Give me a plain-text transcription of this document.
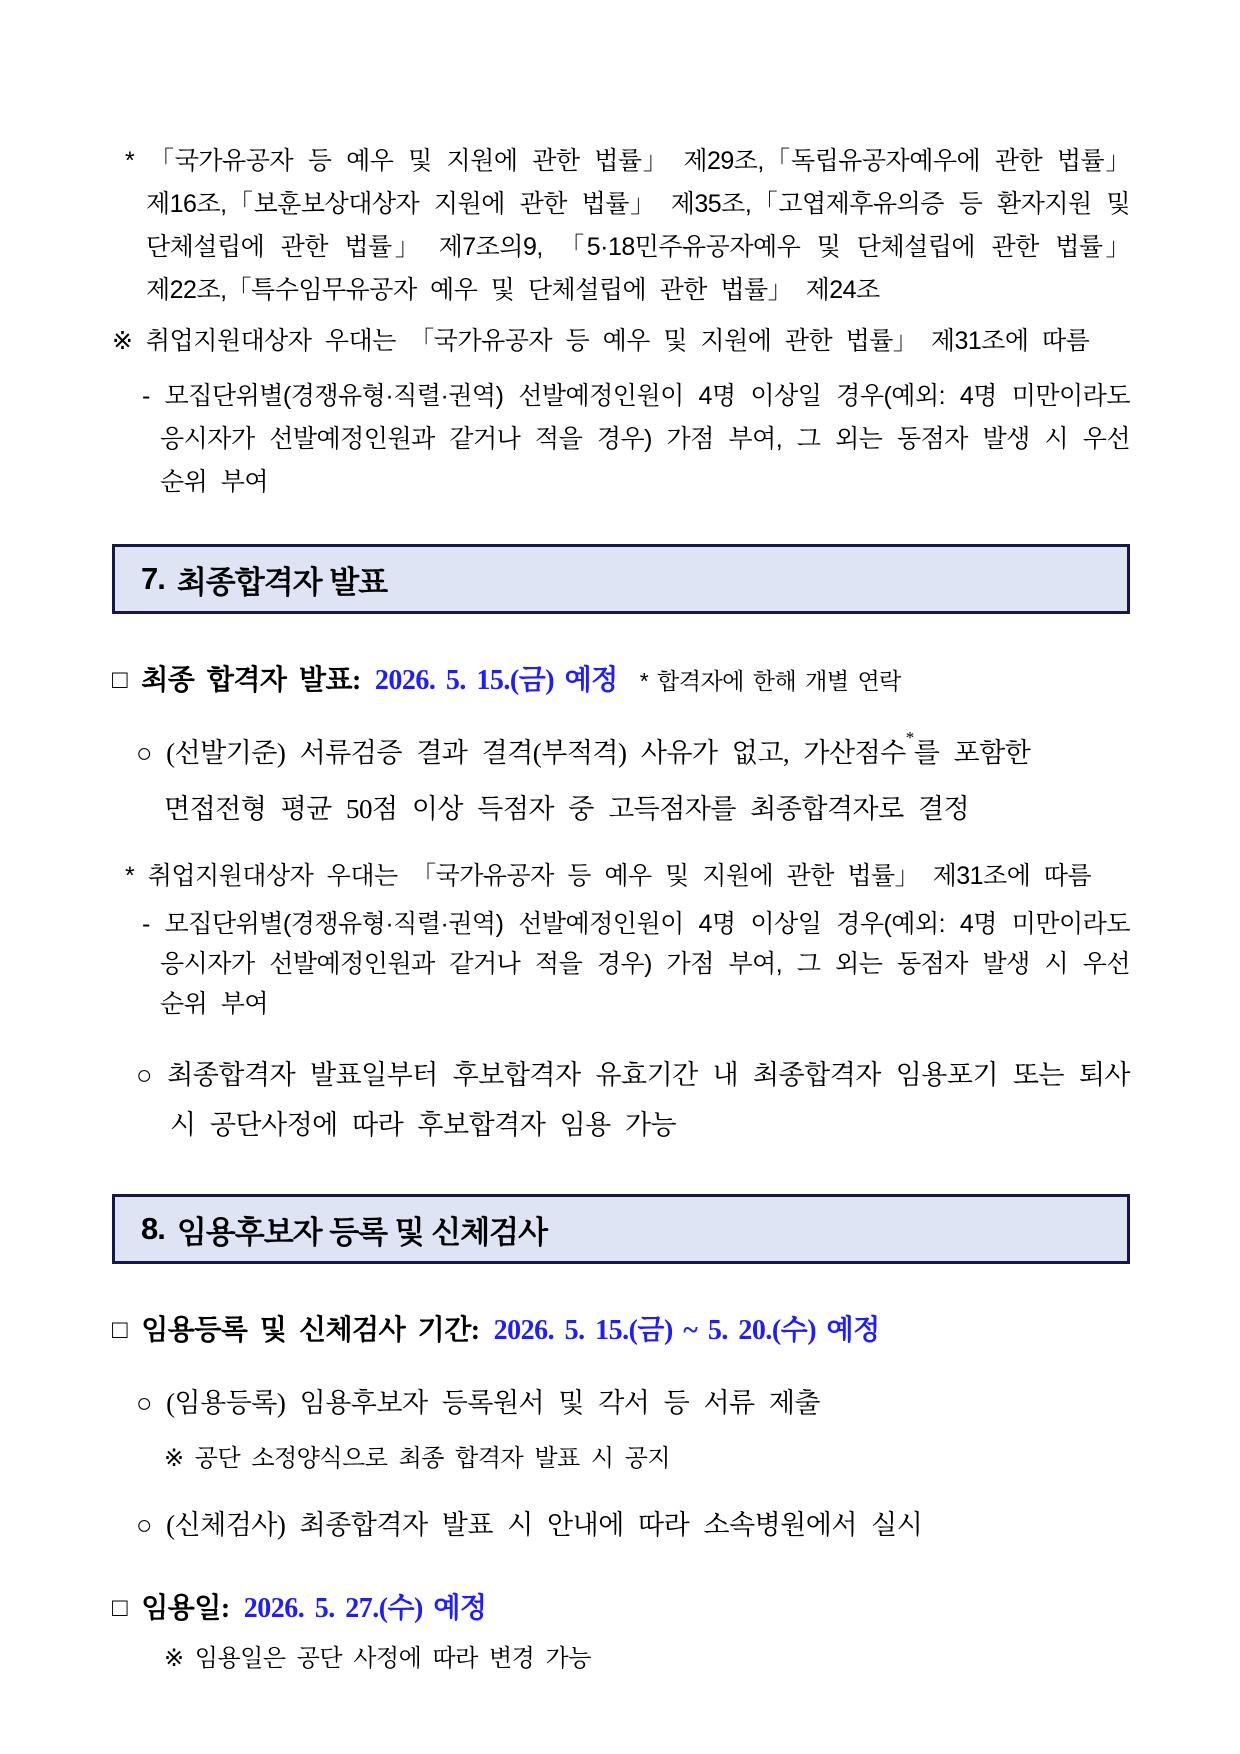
* 「국가유공자 등 예우 및 지원에 관한 법률」 제29조,「독립유공자예우에 관한 법률」 제16조,「보훈보상대상자 지원에 관한 법률」 제35조,「고엽제후유의증 등 환자지원 및 단체설립에 관한 법률」 제7조의9, 「5·18민주유공자예우 및 단체설립에 관한 법률」 제22조,「특수임무유공자 예우 및 단체설립에 관한 법률」 제24조
※ 취업지원대상자 우대는 「국가유공자 등 예우 및 지원에 관한 법률」 제31조에 따름
- 모집단위별(경쟁유형·직렬·권역) 선발예정인원이 4명 이상일 경우(예외: 4명 미만이라도 응시자가 선발예정인원과 같거나 적을 경우) 가점 부여, 그 외는 동점자 발생 시 우선순위 부여
7. 최종합격자 발표
□ 최종 합격자 발표: 2026. 5. 15.(금) 예정 * 합격자에 한해 개별 연락
○ (선발기준) 서류검증 결과 결격(부적격) 사유가 없고, 가산점수*를 포함한
면접전형 평균 50점 이상 득점자 중 고득점자를 최종합격자로 결정
* 취업지원대상자 우대는 「국가유공자 등 예우 및 지원에 관한 법률」 제31조에 따름
- 모집단위별(경쟁유형·직렬·권역) 선발예정인원이 4명 이상일 경우(예외: 4명 미만이라도 응시자가 선발예정인원과 같거나 적을 경우) 가점 부여, 그 외는 동점자 발생 시 우선순위 부여
○ 최종합격자 발표일부터 후보합격자 유효기간 내 최종합격자 임용포기 또는 퇴사 시 공단사정에 따라 후보합격자 임용 가능
8. 임용후보자 등록 및 신체검사
□ 임용등록 및 신체검사 기간: 2026. 5. 15.(금) ~ 5. 20.(수) 예정
○ (임용등록) 임용후보자 등록원서 및 각서 등 서류 제출
※ 공단 소정양식으로 최종 합격자 발표 시 공지
○ (신체검사) 최종합격자 발표 시 안내에 따라 소속병원에서 실시
□ 임용일: 2026. 5. 27.(수) 예정
※ 임용일은 공단 사정에 따라 변경 가능
